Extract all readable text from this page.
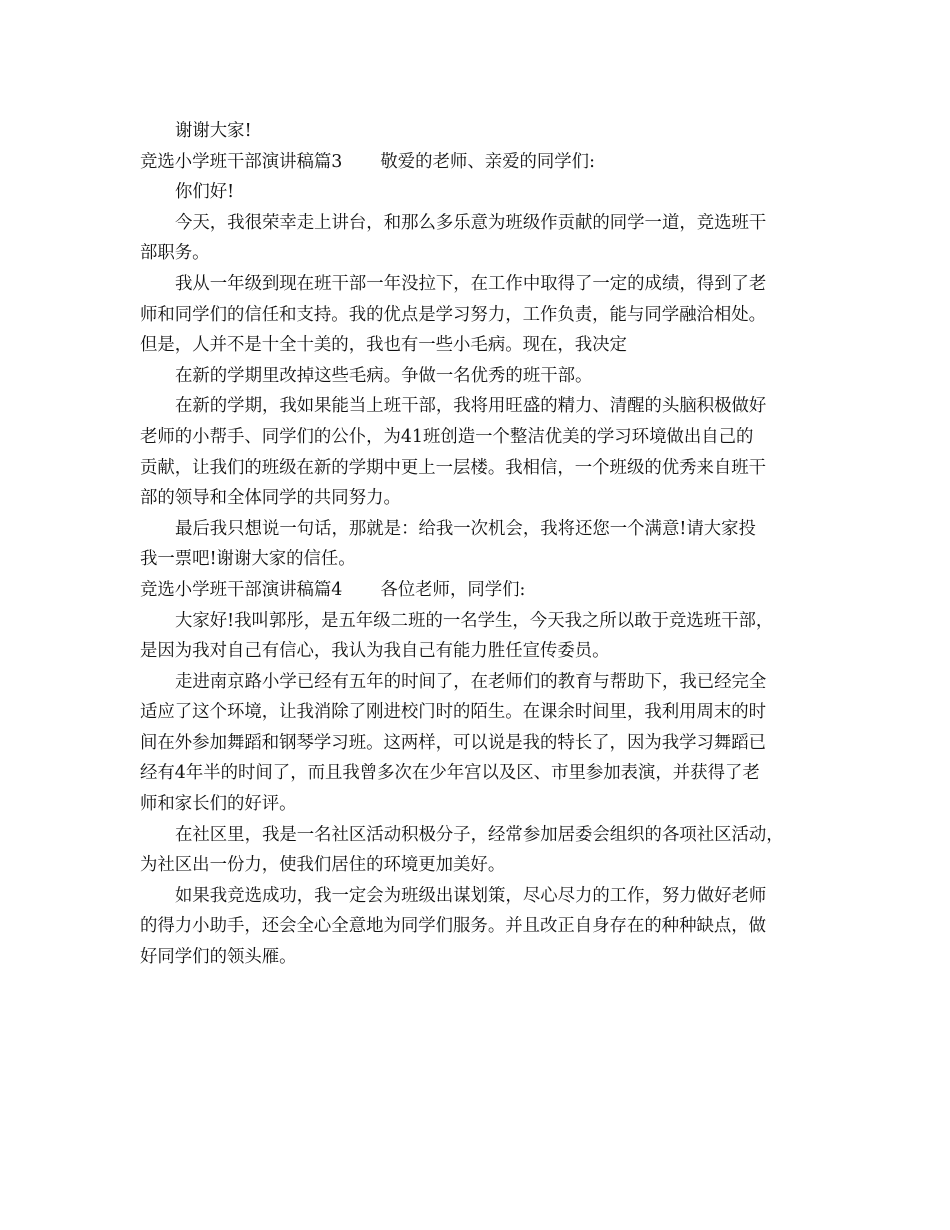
谢谢大家!
竞选小学班干部演讲稿篇3 敬爱的老师、亲爱的同学们:
你们好!
今天，我很荣幸走上讲台，和那么多乐意为班级作贡献的同学一道，竞选班干
部职务。
我从一年级到现在班干部一年没拉下，在工作中取得了一定的成绩，得到了老
师和同学们的信任和支持。我的优点是学习努力，工作负责，能与同学融洽相处。
但是，人并不是十全十美的，我也有一些小毛病。现在，我决定
在新的学期里改掉这些毛病。争做一名优秀的班干部。
在新的学期，我如果能当上班干部，我将用旺盛的精力、清醒的头脑积极做好
老师的小帮手、同学们的公仆，为41班创造一个整洁优美的学习环境做出自己的
贡献，让我们的班级在新的学期中更上一层楼。我相信，一个班级的优秀来自班干
部的领导和全体同学的共同努力。
最后我只想说一句话，那就是：给我一次机会，我将还您一个满意!请大家投
我一票吧!谢谢大家的信任。
竞选小学班干部演讲稿篇4 各位老师，同学们:
大家好!我叫郭彤，是五年级二班的一名学生，今天我之所以敢于竞选班干部，
是因为我对自己有信心，我认为我自己有能力胜任宣传委员。
走进南京路小学已经有五年的时间了，在老师们的教育与帮助下，我已经完全
适应了这个环境，让我消除了刚进校门时的陌生。在课余时间里，我利用周末的时
间在外参加舞蹈和钢琴学习班。这两样，可以说是我的特长了，因为我学习舞蹈已
经有4年半的时间了，而且我曾多次在少年宫以及区、市里参加表演，并获得了老
师和家长们的好评。
在社区里，我是一名社区活动积极分子，经常参加居委会组织的各项社区活动，
为社区出一份力，使我们居住的环境更加美好。
如果我竞选成功，我一定会为班级出谋划策，尽心尽力的工作，努力做好老师
的得力小助手，还会全心全意地为同学们服务。并且改正自身存在的种种缺点，做
好同学们的领头雁。
